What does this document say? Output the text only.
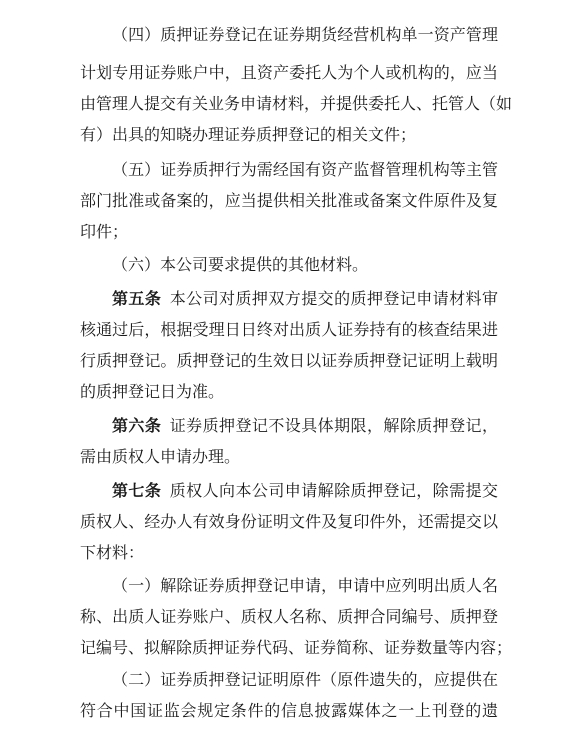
（四）质押证券登记在证券期货经营机构单一资产管理

计划专用证券账户中，且资产委托人为个人或机构的，应当

由管理人提交有关业务申请材料，并提供委托人、托管人（如

有）出具的知晓办理证券质押登记的相关文件；

（五）证券质押行为需经国有资产监督管理机构等主管

部门批准或备案的，应当提供相关批准或备案文件原件及复

印件；

（六）本公司要求提供的其他材料。

第五条  本公司对质押双方提交的质押登记申请材料审

核通过后，根据受理日日终对出质人证券持有的核查结果进

行质押登记。质押登记的生效日以证券质押登记证明上载明

的质押登记日为准。

第六条  证券质押登记不设具体期限，解除质押登记，

需由质权人申请办理。

第七条  质权人向本公司申请解除质押登记，除需提交

质权人、经办人有效身份证明文件及复印件外，还需提交以

下材料：

（一）解除证券质押登记申请，申请中应列明出质人名

称、出质人证券账户、质权人名称、质押合同编号、质押登

记编号、拟解除质押证券代码、证券简称、证券数量等内容；

（二）证券质押登记证明原件（原件遗失的，应提供在

符合中国证监会规定条件的信息披露媒体之一上刊登的遗
